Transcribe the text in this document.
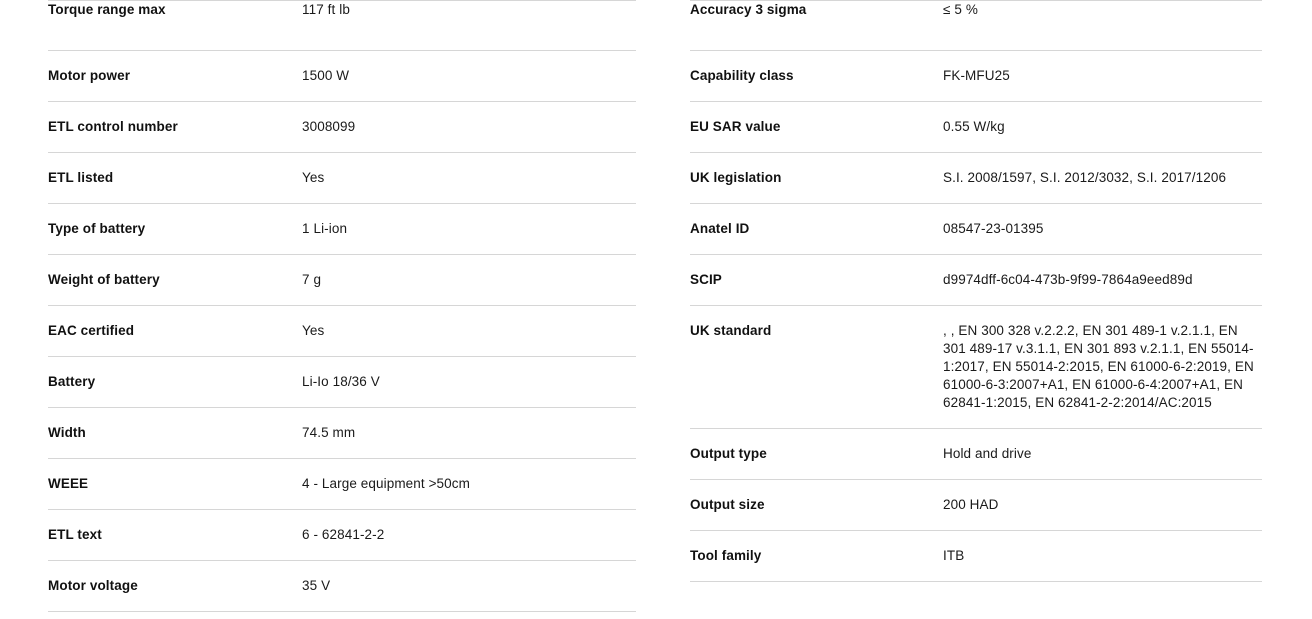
Torque range max	117 ft lb
Motor power	1500 W
ETL control number	3008099
ETL listed	Yes
Type of battery	1 Li-ion
Weight of battery	7 g
EAC certified	Yes
Battery	Li-Io 18/36 V
Width	74.5 mm
WEEE	4 - Large equipment >50cm
ETL text	6 - 62841-2-2
Motor voltage	35 V
Accuracy 3 sigma	≤ 5 %
Capability class	FK-MFU25
EU SAR value	0.55 W/kg
UK legislation	S.I. 2008/1597, S.I. 2012/3032, S.I. 2017/1206
Anatel ID	08547-23-01395
SCIP	d9974dff-6c04-473b-9f99-7864a9eed89d
UK standard	, , EN 300 328 v.2.2.2, EN 301 489-1 v.2.1.1, EN 301 489-17 v.3.1.1, EN 301 893 v.2.1.1, EN 55014-1:2017, EN 55014-2:2015, EN 61000-6-2:2019, EN 61000-6-3:2007+A1, EN 61000-6-4:2007+A1, EN 62841-1:2015, EN 62841-2-2:2014/AC:2015
Output type	Hold and drive
Output size	200 HAD
Tool family	ITB
